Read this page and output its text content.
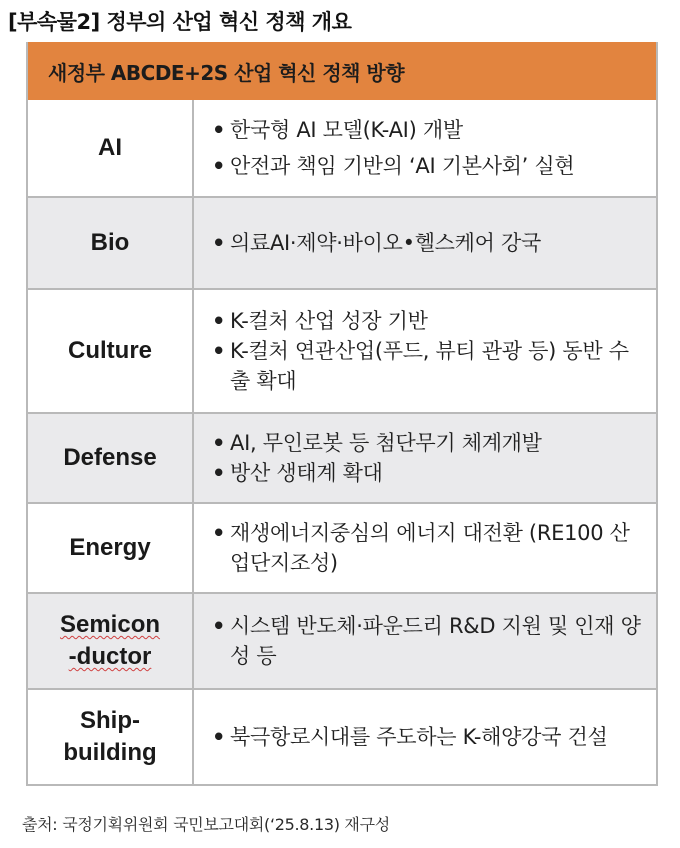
[부속물2] 정부의 산업 혁신 정책 개요
새정부 ABCDE+2S 산업 혁신 정책 방향
AI
• 한국형 AI 모델(K-AI) 개발
• 안전과 책임 기반의 ‘AI 기본사회’ 실현
Bio	• 의료AI·제약·바이오•헬스케어 강국
Culture
• K-컬처 산업 성장 기반
• K-컬처 연관산업(푸드, 뷰티 관광 등) 동반 수출 확대
Defense
• AI, 무인로봇 등 첨단무기 체계개발
• 방산 생태계 확대
Energy
• 재생에너지중심의 에너지 대전환 (RE100 산업단지조성)
Semicon
-ductor
• 시스템 반도체·파운드리 R&D 지원 및 인재 양성 등
Ship-
building
• 북극항로시대를 주도하는 K-해양강국 건설
출처: 국정기획위원회 국민보고대회(‘25.8.13) 재구성
